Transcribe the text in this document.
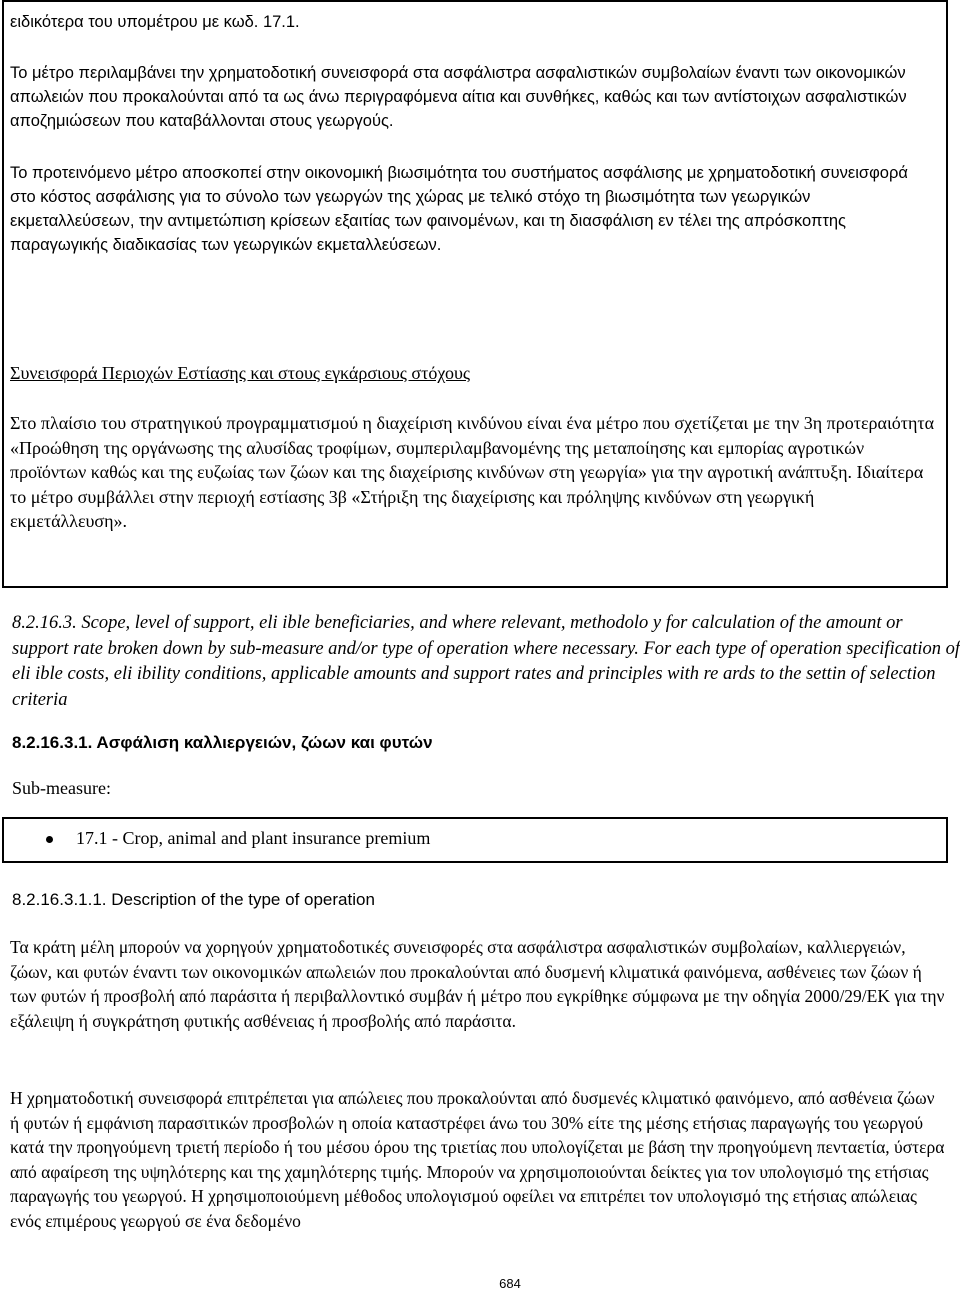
ειδικότερα του υπομέτρου με κωδ. 17.1.

Το μέτρο περιλαμβάνει την χρηματοδοτική συνεισφορά στα ασφάλιστρα ασφαλιστικών συμβολαίων έναντι των οικονομικών απωλειών που προκαλούνται από τα ως άνω περιγραφόμενα αίτια και συνθήκες, καθώς και των αντίστοιχων ασφαλιστικών αποζημιώσεων που καταβάλλονται στους γεωργούς.

Το προτεινόμενο μέτρο αποσκοπεί στην οικονομική βιωσιμότητα του συστήματος ασφάλισης με χρηματοδοτική συνεισφορά στο κόστος ασφάλισης για το σύνολο των γεωργών της χώρας με τελικό στόχο τη βιωσιμότητα των γεωργικών εκμεταλλεύσεων, την αντιμετώπιση κρίσεων εξαιτίας των φαινομένων, και τη διασφάλιση εν τέλει της απρόσκοπτης παραγωγικής διαδικασίας των γεωργικών εκμεταλλεύσεων.

Συνεισφορά Περιοχών Εστίασης και στους εγκάρσιους στόχους

Στο πλαίσιο του στρατηγικού προγραμματισμού η διαχείριση κινδύνου είναι ένα μέτρο που σχετίζεται με την 3η προτεραιότητα «Προώθηση της οργάνωσης της αλυσίδας τροφίμων, συμπεριλαμβανομένης της μεταποίησης και εμπορίας αγροτικών προϊόντων καθώς και της ευζωίας των ζώων και της διαχείρισης κινδύνων στη γεωργία» για την αγροτική ανάπτυξη. Ιδιαίτερα το μέτρο συμβάλλει στην περιοχή εστίασης 3β «Στήριξη της διαχείρισης και πρόληψης κινδύνων στη γεωργική εκμετάλλευση».

8.2.16.3. Scope, level of support, eli ible beneficiaries, and where relevant, methodolo y for calculation of the amount or support rate broken down by sub-measure and/or type of operation where necessary. For each type of operation specification of eli ible costs, eli ibility conditions, applicable amounts and support rates and principles with re ards to the settin of selection criteria

8.2.16.3.1. Ασφάλιση καλλιεργειών, ζώων και φυτών

Sub-measure:

17.1 - Crop, animal and plant insurance premium

8.2.16.3.1.1. Description of the type of operation

Τα κράτη μέλη μπορούν να χορηγούν χρηματοδοτικές συνεισφορές στα ασφάλιστρα ασφαλιστικών συμβολαίων, καλλιεργειών, ζώων, και φυτών έναντι των οικονομικών απωλειών που προκαλούνται από δυσμενή κλιματικά φαινόμενα, ασθένειες των ζώων ή των φυτών ή προσβολή από παράσιτα ή περιβαλλοντικό συμβάν ή μέτρο που εγκρίθηκε σύμφωνα με την οδηγία 2000/29/ΕΚ για την εξάλειψη ή συγκράτηση φυτικής ασθένειας ή προσβολής από παράσιτα.

Η χρηματοδοτική συνεισφορά επιτρέπεται για απώλειες που προκαλούνται από δυσμενές κλιματικό φαινόμενο, από ασθένεια ζώων ή φυτών ή εμφάνιση παρασιτικών προσβολών η οποία καταστρέφει άνω του 30% είτε της μέσης ετήσιας παραγωγής του γεωργού κατά την προηγούμενη τριετή περίοδο ή του μέσου όρου της τριετίας που υπολογίζεται με βάση την προηγούμενη πενταετία, ύστερα από αφαίρεση της υψηλότερης και της χαμηλότερης τιμής. Μπορούν να χρησιμοποιούνται δείκτες για τον υπολογισμό της ετήσιας παραγωγής του γεωργού. Η χρησιμοποιούμενη μέθοδος υπολογισμού οφείλει να επιτρέπει τον υπολογισμό της ετήσιας απώλειας ενός επιμέρους γεωργού σε ένα δεδομένο

684
